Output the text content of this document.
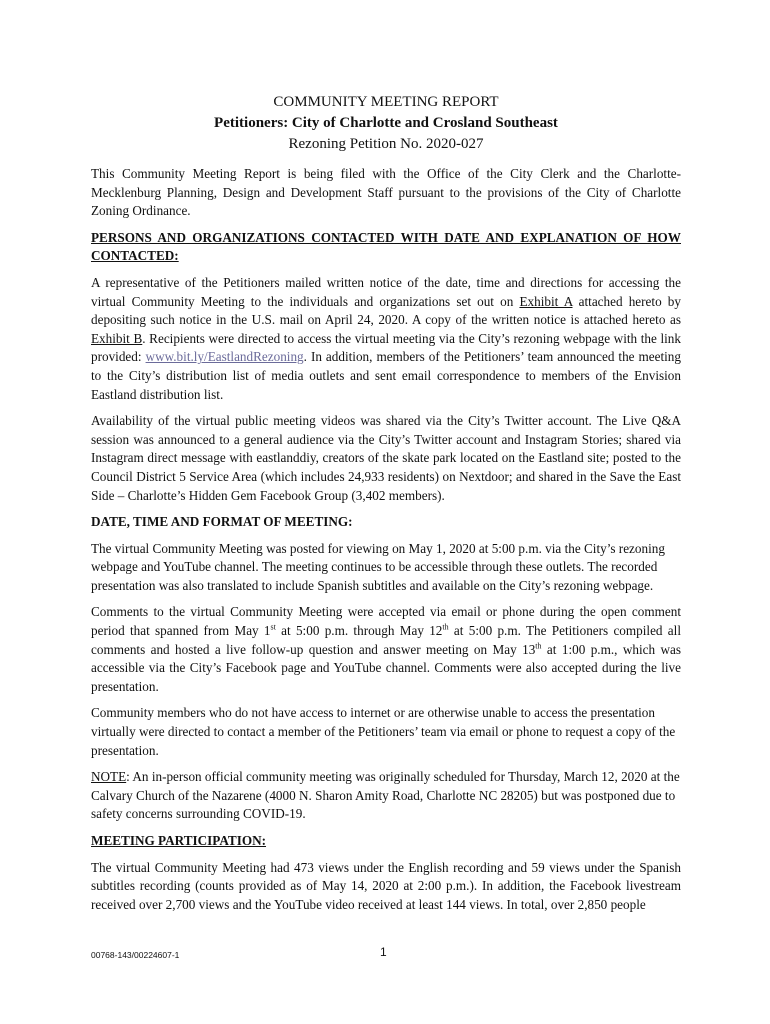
COMMUNITY MEETING REPORT
Petitioners: City of Charlotte and Crosland Southeast
Rezoning Petition No. 2020-027

This Community Meeting Report is being filed with the Office of the City Clerk and the Charlotte-Mecklenburg Planning, Design and Development Staff pursuant to the provisions of the City of Charlotte Zoning Ordinance.

PERSONS AND ORGANIZATIONS CONTACTED WITH DATE AND EXPLANATION OF HOW CONTACTED:

A representative of the Petitioners mailed written notice of the date, time and directions for accessing the virtual Community Meeting to the individuals and organizations set out on Exhibit A attached hereto by depositing such notice in the U.S. mail on April 24, 2020. A copy of the written notice is attached hereto as Exhibit B. Recipients were directed to access the virtual meeting via the City’s rezoning webpage with the link provided: www.bit.ly/EastlandRezoning. In addition, members of the Petitioners’ team announced the meeting to the City’s distribution list of media outlets and sent email correspondence to members of the Envision Eastland distribution list.

Availability of the virtual public meeting videos was shared via the City’s Twitter account. The Live Q&A session was announced to a general audience via the City’s Twitter account and Instagram Stories; shared via Instagram direct message with eastlanddiy, creators of the skate park located on the Eastland site; posted to the Council District 5 Service Area (which includes 24,933 residents) on Nextdoor; and shared in the Save the East Side – Charlotte’s Hidden Gem Facebook Group (3,402 members).

DATE, TIME AND FORMAT OF MEETING:

The virtual Community Meeting was posted for viewing on May 1, 2020 at 5:00 p.m. via the City’s rezoning webpage and YouTube channel. The meeting continues to be accessible through these outlets. The recorded presentation was also translated to include Spanish subtitles and available on the City’s rezoning webpage.

Comments to the virtual Community Meeting were accepted via email or phone during the open comment period that spanned from May 1st at 5:00 p.m. through May 12th at 5:00 p.m. The Petitioners compiled all comments and hosted a live follow-up question and answer meeting on May 13th at 1:00 p.m., which was accessible via the City’s Facebook page and YouTube channel. Comments were also accepted during the live presentation.

Community members who do not have access to internet or are otherwise unable to access the presentation virtually were directed to contact a member of the Petitioners’ team via email or phone to request a copy of the presentation.

NOTE: An in-person official community meeting was originally scheduled for Thursday, March 12, 2020 at the Calvary Church of the Nazarene (4000 N. Sharon Amity Road, Charlotte NC 28205) but was postponed due to safety concerns surrounding COVID-19.

MEETING PARTICIPATION:

The virtual Community Meeting had 473 views under the English recording and 59 views under the Spanish subtitles recording (counts provided as of May 14, 2020 at 2:00 p.m.). In addition, the Facebook livestream received over 2,700 views and the YouTube video received at least 144 views. In total, over 2,850 people

00768-143/00224607-1	1
